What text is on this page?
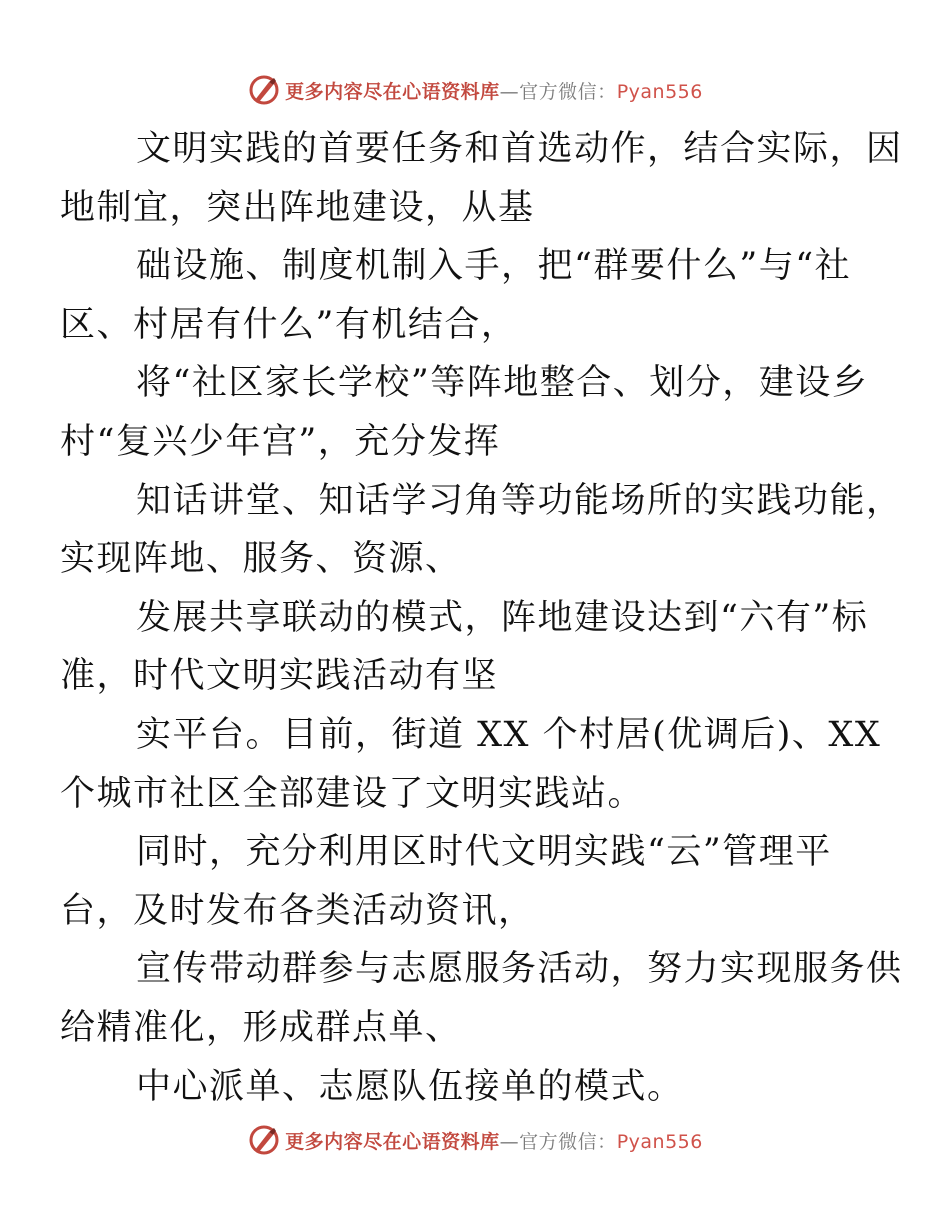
更多内容尽在心语资料库—官方微信：Pyan556

文明实践的首要任务和首选动作，结合实际，因
地制宜，突出阵地建设，从基

础设施、制度机制入手，把“群要什么”与“社
区、村居有什么”有机结合，

将“社区家长学校”等阵地整合、划分，建设乡
村“复兴少年宫”，充分发挥

知话讲堂、知话学习角等功能场所的实践功能，
实现阵地、服务、资源、

发展共享联动的模式，阵地建设达到“六有”标
准，时代文明实践活动有坚

实平台。目前，街道 XX 个村居(优调后)、XX
个城市社区全部建设了文明实践站。

同时，充分利用区时代文明实践“云”管理平
台，及时发布各类活动资讯，

宣传带动群参与志愿服务活动，努力实现服务供
给精准化，形成群点单、

中心派单、志愿队伍接单的模式。

更多内容尽在心语资料库—官方微信：Pyan556
